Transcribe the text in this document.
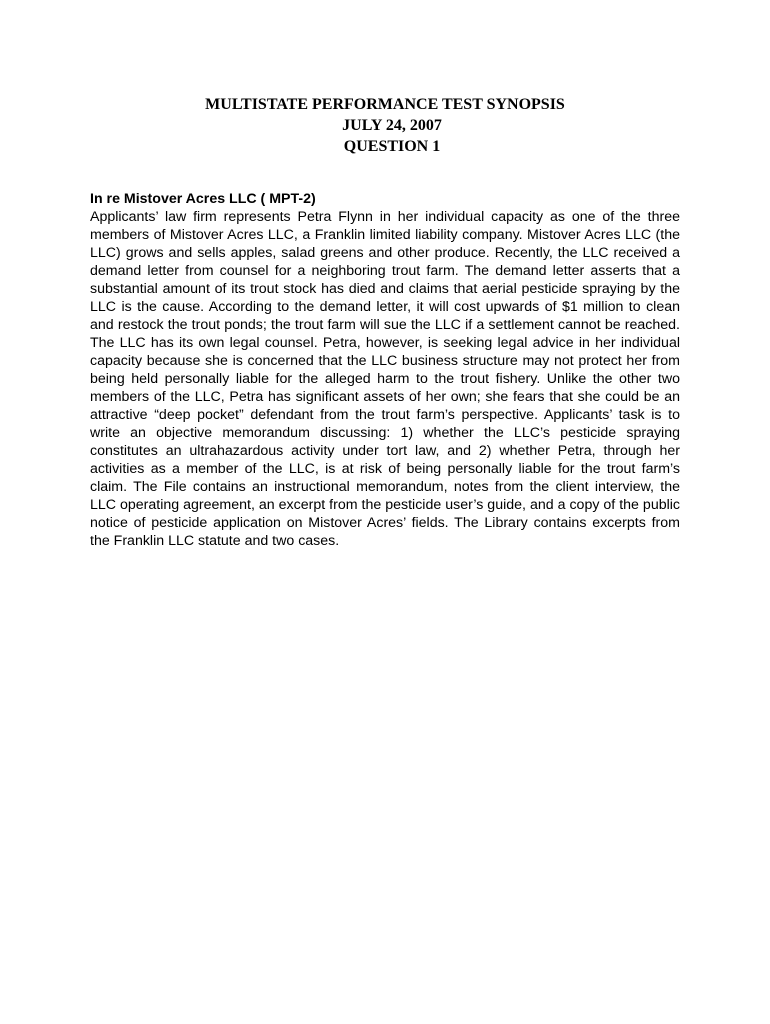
MULTISTATE PERFORMANCE TEST SYNOPSIS
JULY 24, 2007
QUESTION 1

In re Mistover Acres LLC ( MPT-2)

Applicants’ law firm represents Petra Flynn in her individual capacity as one of the three members of Mistover Acres LLC, a Franklin limited liability company. Mistover Acres LLC (the LLC) grows and sells apples, salad greens and other produce. Recently, the LLC received a demand letter from counsel for a neighboring trout farm. The demand letter asserts that a substantial amount of its trout stock has died and claims that aerial pesticide spraying by the LLC is the cause. According to the demand letter, it will cost upwards of $1 million to clean and restock the trout ponds; the trout farm will sue the LLC if a settlement cannot be reached. The LLC has its own legal counsel. Petra, however, is seeking legal advice in her individual capacity because she is concerned that the LLC business structure may not protect her from being held personally liable for the alleged harm to the trout fishery. Unlike the other two members of the LLC, Petra has significant assets of her own; she fears that she could be an attractive “deep pocket” defendant from the trout farm’s perspective. Applicants’ task is to write an objective memorandum discussing: 1) whether the LLC’s pesticide spraying constitutes an ultrahazardous activity under tort law, and 2) whether Petra, through her activities as a member of the LLC, is at risk of being personally liable for the trout farm’s claim. The File contains an instructional memorandum, notes from the client interview, the LLC operating agreement, an excerpt from the pesticide user’s guide, and a copy of the public notice of pesticide application on Mistover Acres’ fields. The Library contains excerpts from the Franklin LLC statute and two cases.
